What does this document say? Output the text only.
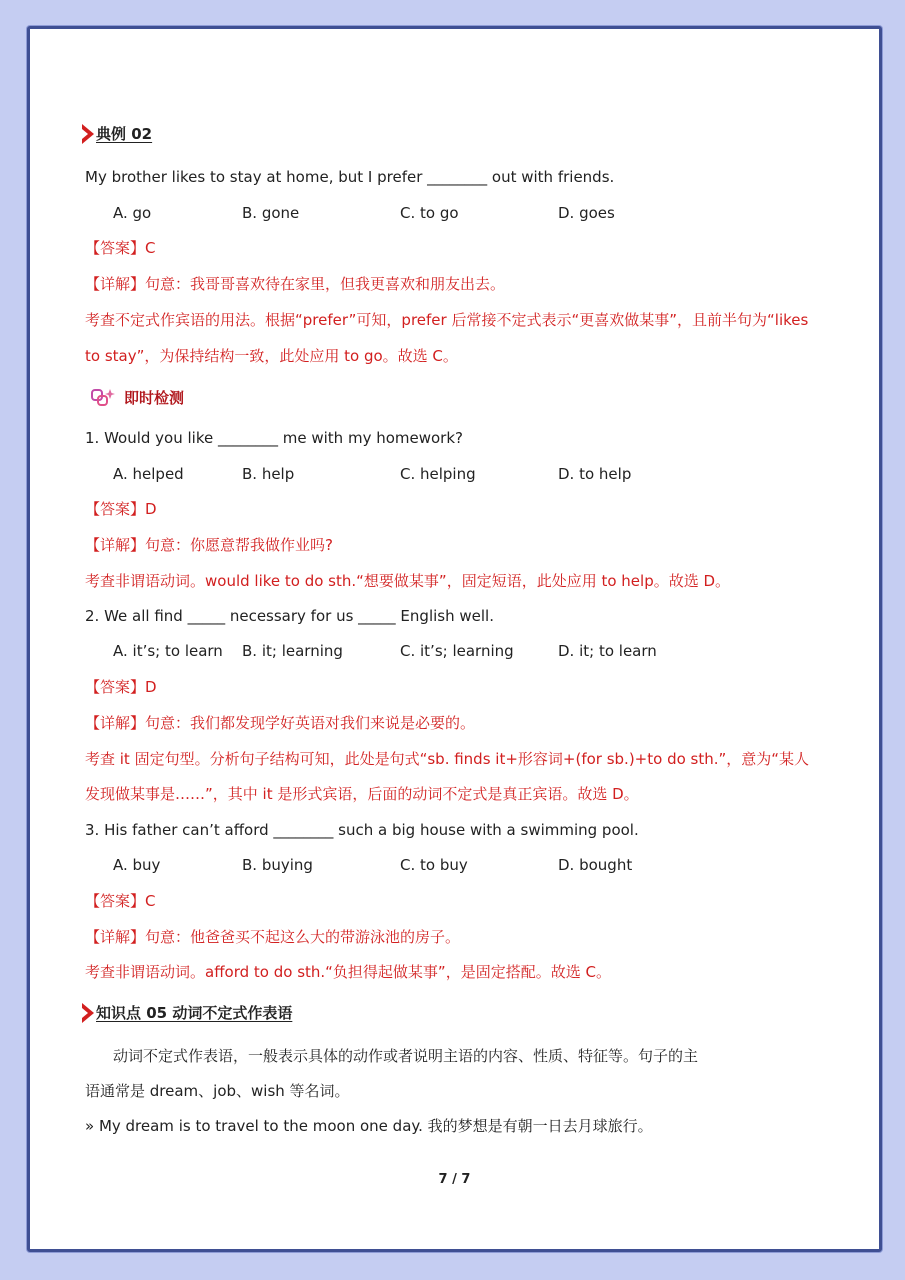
典例 02
My brother likes to stay at home, but I prefer ________ out with friends.
A. go	B. gone	C. to go	D. goes
【答案】C
【详解】句意：我哥哥喜欢待在家里，但我更喜欢和朋友出去。
考查不定式作宾语的用法。根据“prefer”可知，prefer 后常接不定式表示“更喜欢做某事”，且前半句为“likes
to stay”，为保持结构一致，此处应用 to go。故选 C。
即时检测
1. Would you like ________ me with my homework?
A. helped	B. help	C. helping	D. to help
【答案】D
【详解】句意：你愿意帮我做作业吗?
考查非谓语动词。would like to do sth.“想要做某事”，固定短语，此处应用 to help。故选 D。
2. We all find _____ necessary for us _____ English well.
A. it’s; to learn B. it; learning	C. it’s; learning	D. it; to learn
【答案】D
【详解】句意：我们都发现学好英语对我们来说是必要的。
考查 it 固定句型。分析句子结构可知，此处是句式“sb. finds it+形容词+(for sb.)+to do sth.”，意为“某人
发现做某事是……”，其中 it 是形式宾语，后面的动词不定式是真正宾语。故选 D。
3. His father can’t afford ________ such a big house with a swimming pool.
A. buy	B. buying	C. to buy	D. bought
【答案】C
【详解】句意：他爸爸买不起这么大的带游泳池的房子。
考查非谓语动词。afford to do sth.“负担得起做某事”，是固定搭配。故选 C。
知识点 05 动词不定式作表语
动词不定式作表语，一般表示具体的动作或者说明主语的内容、性质、特征等。句子的主
语通常是 dream、job、wish 等名词。
» My dream is to travel to the moon one day. 我的梦想是有朝一日去月球旅行。
7 / 7
